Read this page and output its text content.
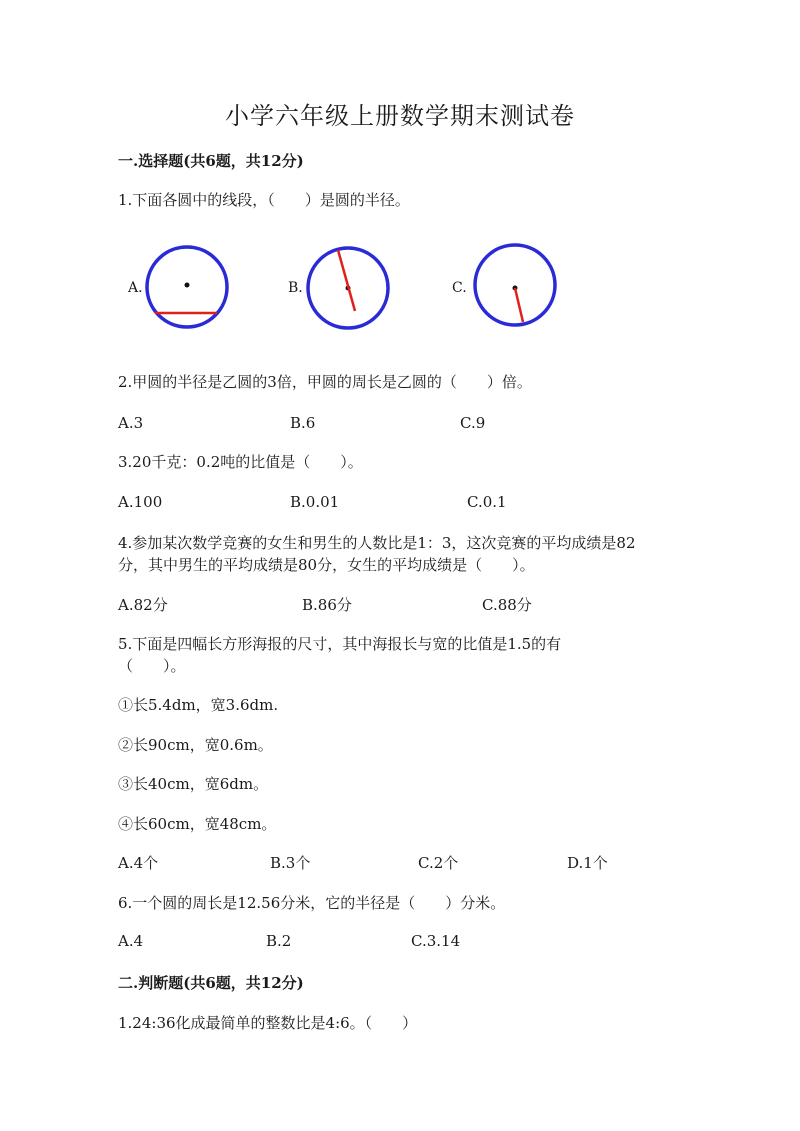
小学六年级上册数学期末测试卷
一.选择题(共6题，共12分)
1.下面各圆中的线段，（　　）是圆的半径。
A.	B.	C.
2.甲圆的半径是乙圆的3倍，甲圆的周长是乙圆的（　　）倍。
A.3	B.6	C.9
3.20千克：0.2吨的比值是（　　）。
A.100	B.0.01	C.0.1
4.参加某次数学竞赛的女生和男生的人数比是1：3，这次竞赛的平均成绩是82
分，其中男生的平均成绩是80分，女生的平均成绩是（　　）。
A.82分	B.86分	C.88分
5.下面是四幅长方形海报的尺寸，其中海报长与宽的比值是1.5的有
（　　）。
①长5.4dm，宽3.6dm.
②长90cm，宽0.6m。
③长40cm，宽6dm。
④长60cm，宽48cm。
A.4个	B.3个	C.2个	D.1个
6.一个圆的周长是12.56分米，它的半径是（　　）分米。
A.4	B.2	C.3.14
二.判断题(共6题，共12分)
1.24:36化成最简单的整数比是4:6。（　　）
